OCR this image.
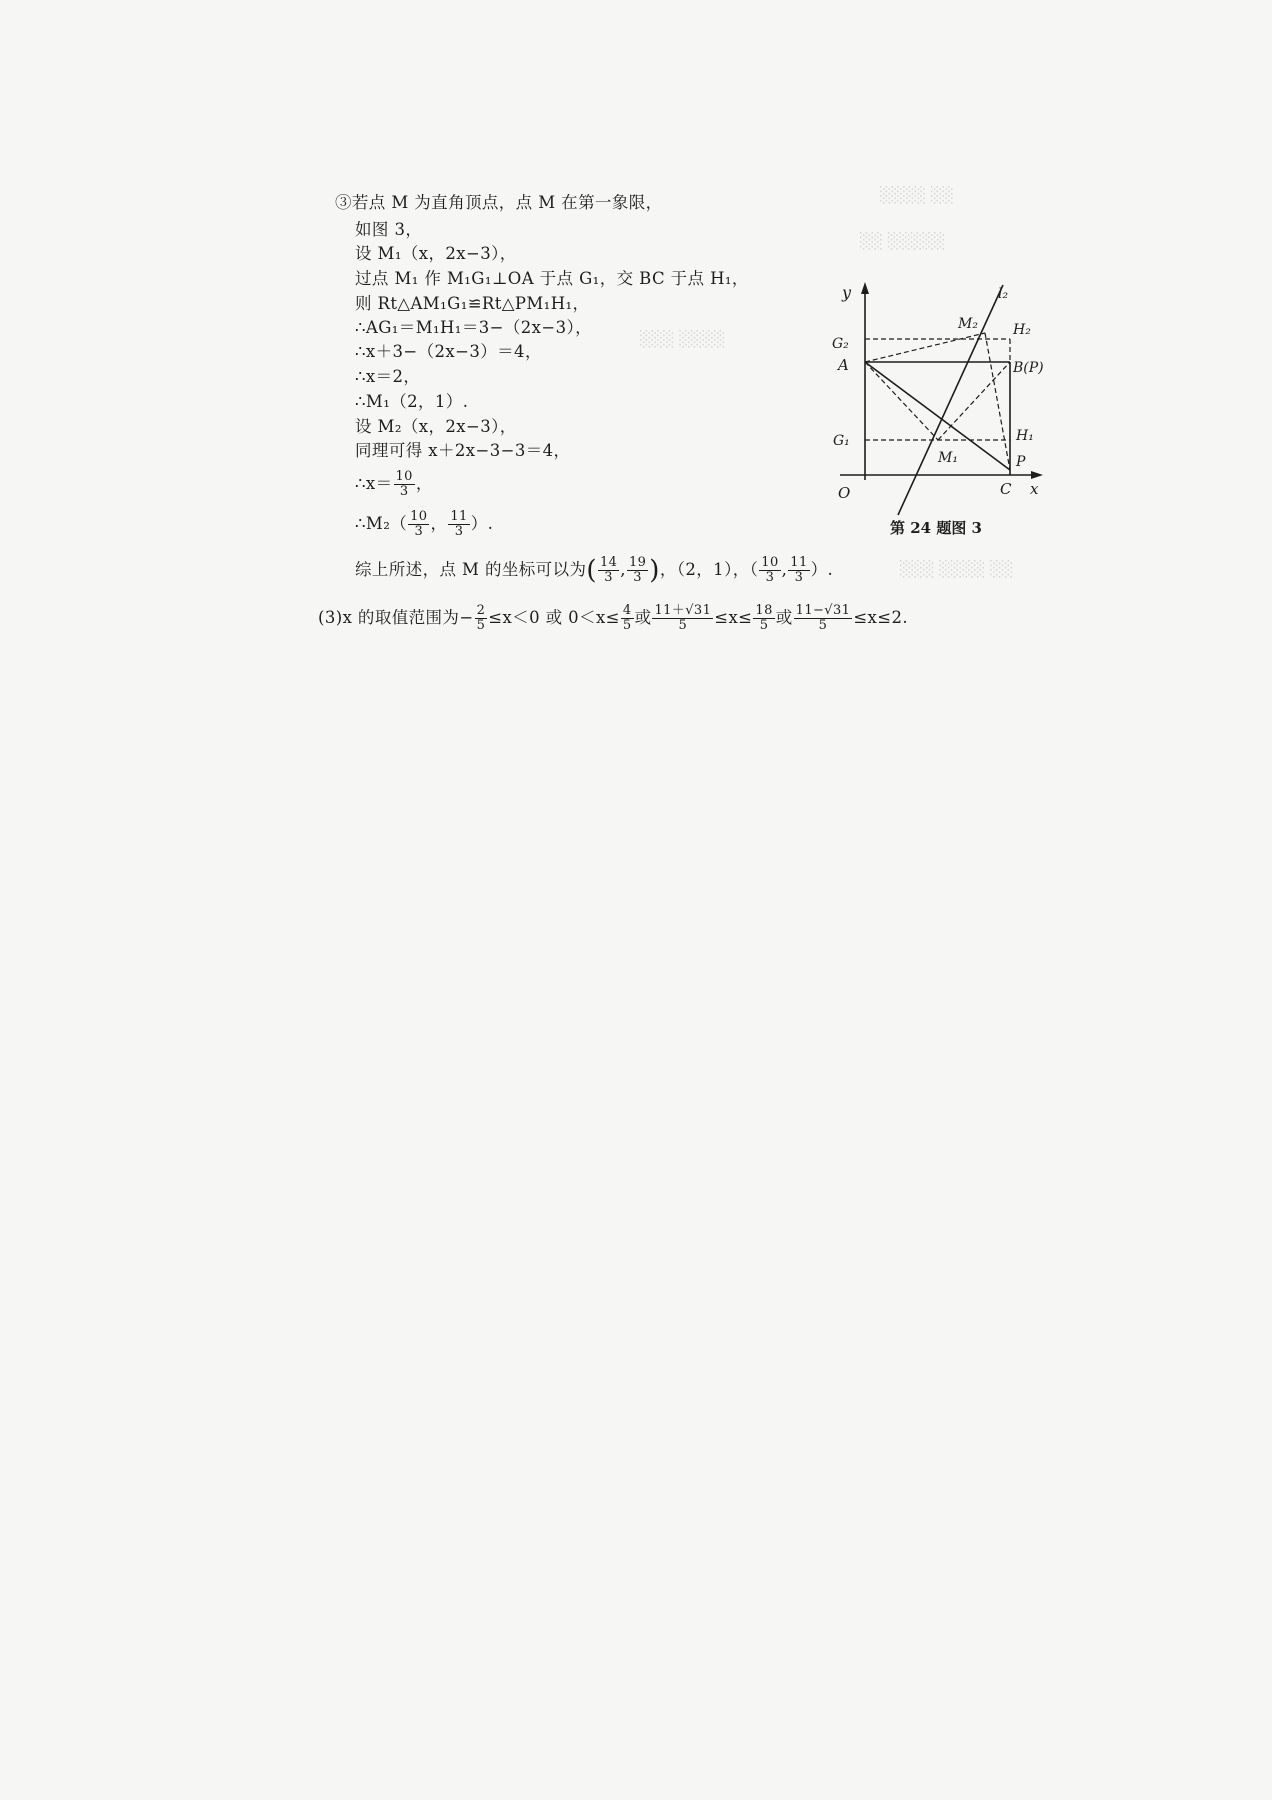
░░░░ ░░
░░ ░░░░░
░░░ ░░░░
░░░ ░░░░ ░░
③若点 M 为直角顶点，点 M 在第一象限，
如图 3，
设 M₁（x，2x−3），
过点 M₁ 作 M₁G₁⊥OA 于点 G₁，交 BC 于点 H₁，
则 Rt△AM₁G₁≌Rt△PM₁H₁，
∴AG₁＝M₁H₁＝3−（2x−3），
∴x＋3−（2x−3）＝4，
∴x＝2，
∴M₁（2，1）.
设 M₂（x，2x−3），
同理可得 x＋2x−3−3＝4，
∴x＝ $\frac{10}{3}$ ，
∴M₂（ $\frac{10}{3}$ ， $\frac{11}{3}$ ）.
综上所述，点 M 的坐标可以为( $\frac{14}{3}$ , $\frac{19}{3}$ )，（2，1），（ $\frac{10}{3}$ , $\frac{11}{3}$ ）.
(3)x 的取值范围为− $\frac{2}{5} \le x<0$ 或 $0<x\le \frac{4}{5}$ 或 $\frac{11+√31}{5} \le x\le \frac{18}{5}$ 或 $\frac{11-√31}{5} \le x\le 2$.
y	l₂
M₂	H₂
G₂
A	B(P)
G₁	H₁
M₁	P
O	C x
第 24 题图 3
